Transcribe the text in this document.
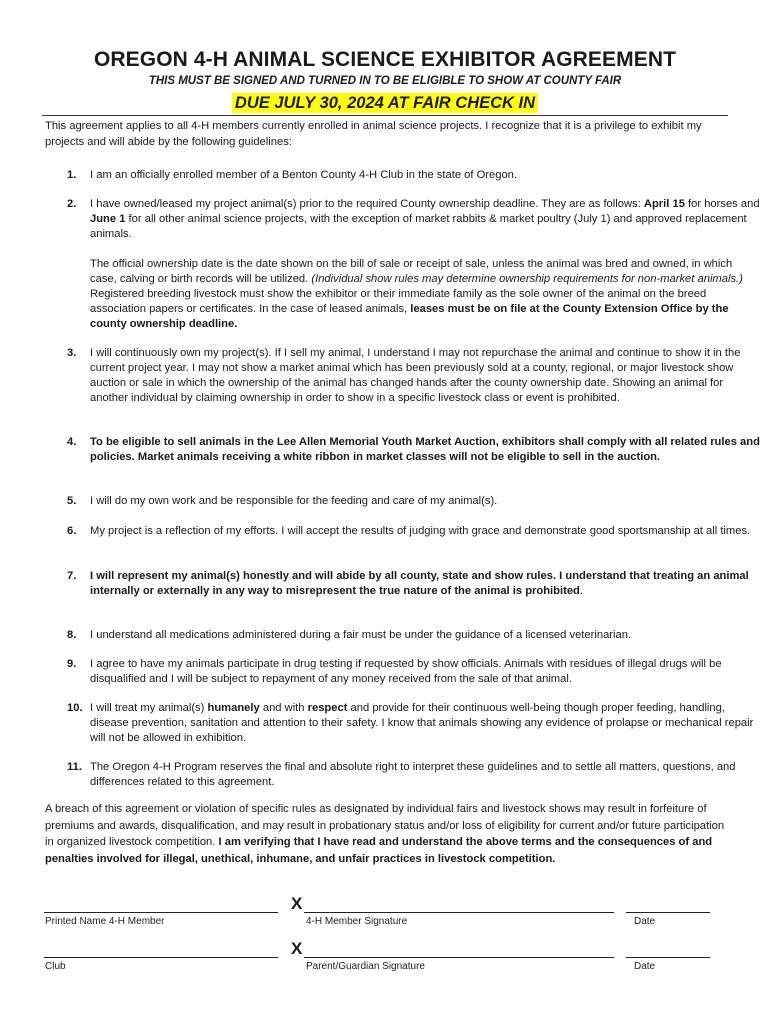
OREGON 4-H ANIMAL SCIENCE EXHIBITOR AGREEMENT
THIS MUST BE SIGNED AND TURNED IN TO BE ELIGIBLE TO SHOW AT COUNTY FAIR
DUE JULY 30, 2024 AT FAIR CHECK IN
This agreement applies to all 4-H members currently enrolled in animal science projects. I recognize that it is a privilege to exhibit my projects and will abide by the following guidelines:
1.	I am an officially enrolled member of a Benton County 4-H Club in the state of Oregon.
2.	I have owned/leased my project animal(s) prior to the required County ownership deadline. They are as follows: April 15 for horses and June 1 for all other animal science projects, with the exception of market rabbits & market poultry (July 1) and approved replacement animals.
The official ownership date is the date shown on the bill of sale or receipt of sale, unless the animal was bred and owned, in which case, calving or birth records will be utilized. (Individual show rules may determine ownership requirements for non-market animals.) Registered breeding livestock must show the exhibitor or their immediate family as the sole owner of the animal on the breed association papers or certificates. In the case of leased animals, leases must be on file at the County Extension Office by the county ownership deadline.
3.	I will continuously own my project(s). If I sell my animal, I understand I may not repurchase the animal and continue to show it in the current project year. I may not show a market animal which has been previously sold at a county, regional, or major livestock show auction or sale in which the ownership of the animal has changed hands after the county ownership date. Showing an animal for another individual by claiming ownership in order to show in a specific livestock class or event is prohibited.
4.	To be eligible to sell animals in the Lee Allen Memorial Youth Market Auction, exhibitors shall comply with all related rules and policies. Market animals receiving a white ribbon in market classes will not be eligible to sell in the auction.
5.	I will do my own work and be responsible for the feeding and care of my animal(s).
6.	My project is a reflection of my efforts. I will accept the results of judging with grace and demonstrate good sportsmanship at all times.
7.	I will represent my animal(s) honestly and will abide by all county, state and show rules. I understand that treating an animal internally or externally in any way to misrepresent the true nature of the animal is prohibited.
8.	I understand all medications administered during a fair must be under the guidance of a licensed veterinarian.
9.	I agree to have my animals participate in drug testing if requested by show officials. Animals with residues of illegal drugs will be disqualified and I will be subject to repayment of any money received from the sale of that animal.
10. I will treat my animal(s) humanely and with respect and provide for their continuous well-being though proper feeding, handling, disease prevention, sanitation and attention to their safety. I know that animals showing any evidence of prolapse or mechanical repair will not be allowed in exhibition.
11. The Oregon 4-H Program reserves the final and absolute right to interpret these guidelines and to settle all matters, questions, and differences related to this agreement.
A breach of this agreement or violation of specific rules as designated by individual fairs and livestock shows may result in forfeiture of premiums and awards, disqualification, and may result in probationary status and/or loss of eligibility for current and/or future participation in organized livestock competition. I am verifying that I have read and understand the above terms and the consequences of and penalties involved for illegal, unethical, inhumane, and unfair practices in livestock competition.
X
Printed Name 4-H Member	4-H Member Signature	Date
X
Club	Parent/Guardian Signature	Date
